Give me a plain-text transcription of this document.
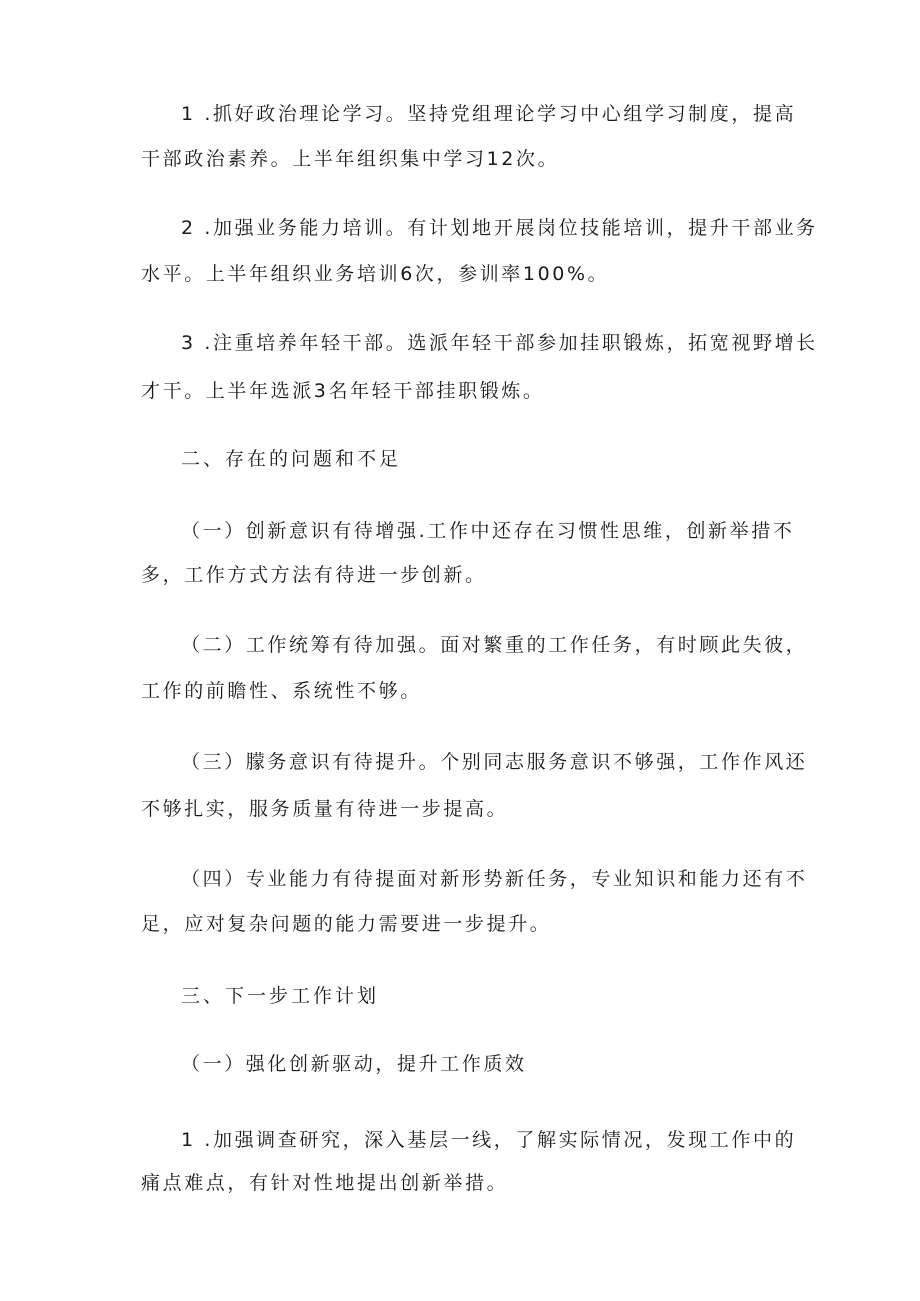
1 .抓好政治理论学习。坚持党组理论学习中心组学习制度，提高
干部政治素养。上半年组织集中学习12次。
2 .加强业务能力培训。有计划地开展岗位技能培训，提升干部业务
水平。上半年组织业务培训6次，参训率100%。
3 .注重培养年轻干部。选派年轻干部参加挂职锻炼，拓宽视野增长
才干。上半年选派3名年轻干部挂职锻炼。
二、存在的问题和不足
（一）创新意识有待增强.工作中还存在习惯性思维，创新举措不
多，工作方式方法有待进一步创新。
（二）工作统筹有待加强。面对繁重的工作任务，有时顾此失彼，
工作的前瞻性、系统性不够。
（三）朦务意识有待提升。个别同志服务意识不够强，工作作风还
不够扎实，服务质量有待进一步提高。
（四）专业能力有待提面对新形势新任务，专业知识和能力还有不
足，应对复杂问题的能力需要进一步提升。
三、下一步工作计划
（一）强化创新驱动，提升工作质效
1 .加强调查研究，深入基层一线，了解实际情况，发现工作中的
痛点难点，有针对性地提出创新举措。
